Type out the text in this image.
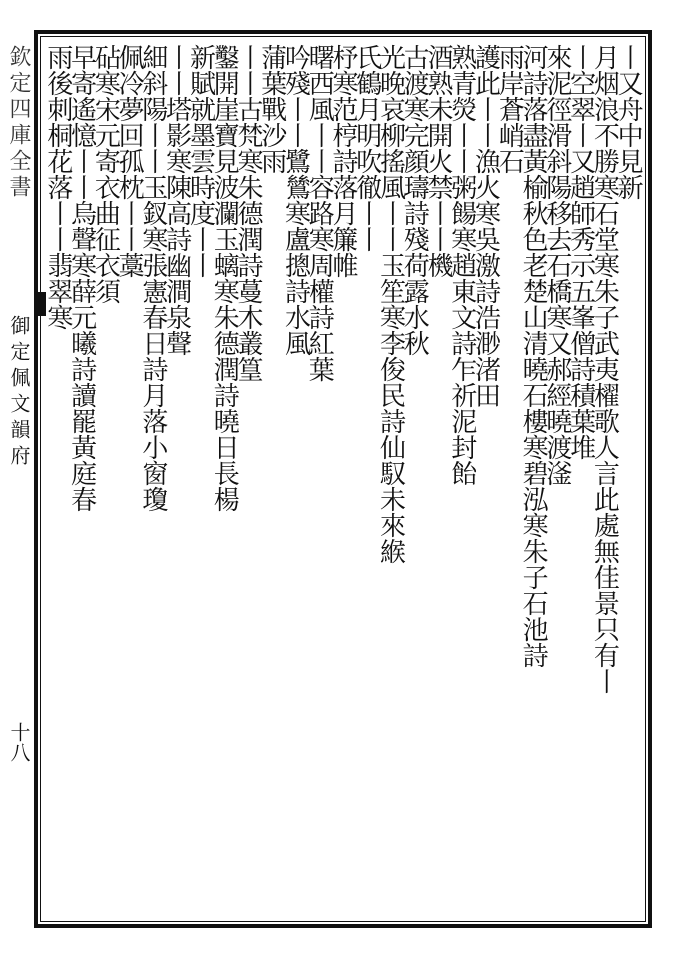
欽定四庫全書
御定佩文韻府
十八
丨又舟中見新
月烟浪不勝寒石堂寒朱子武夷櫂歌人言此處無佳景只有丨
丨空翠丨又趙師秀示五峯僧詩積葉堆
來泥徑滑斜陽移去石橋寒又郝經曉渡滏
河詩落盡黃榆秋色老楚山清曉石樓寒碧泓寒朱子石池詩
雨岸蒼峭石
護此丨丨漁火寒吳激詩浩渺渚田
熟青熒丨丨粥餳寒趙東文詩乍祈泥封飴
酒熟未開火禁丨丨機
古渡寒完顔璹詩殘荷露水秋
光晚哀柳搖風丨丨玉笙寒李俊民詩仙馭未來緱
氏鶴月明吹徹丨丨
杼寒范梈詩落月簾帷
曙西風丨丨容路寒周權詩紅葉
吟殘丨丨鷺鷥寒盧摠詩水風
蒲葉戰沙雨
丨丨古梵寒朱德潤詩蔓木叢篁
鑿開崖寶見波瀾玉螭寒朱德潤詩曉日長楊
新賦就墨雲時度丨丨
丨丨塔影寒陳高詩幽澗泉聲
細斜陽丨丨玉釵寒張憲春日詩月落小窗瓊
佩冷夢回孤枕丨丨藁
砧寒宋元寄衣曲征衣須
早寄遙憶丨丨烏聲寒薛元曦詩讀罷黃庭春
雨後刺桐花落丨丨翡翠寒
